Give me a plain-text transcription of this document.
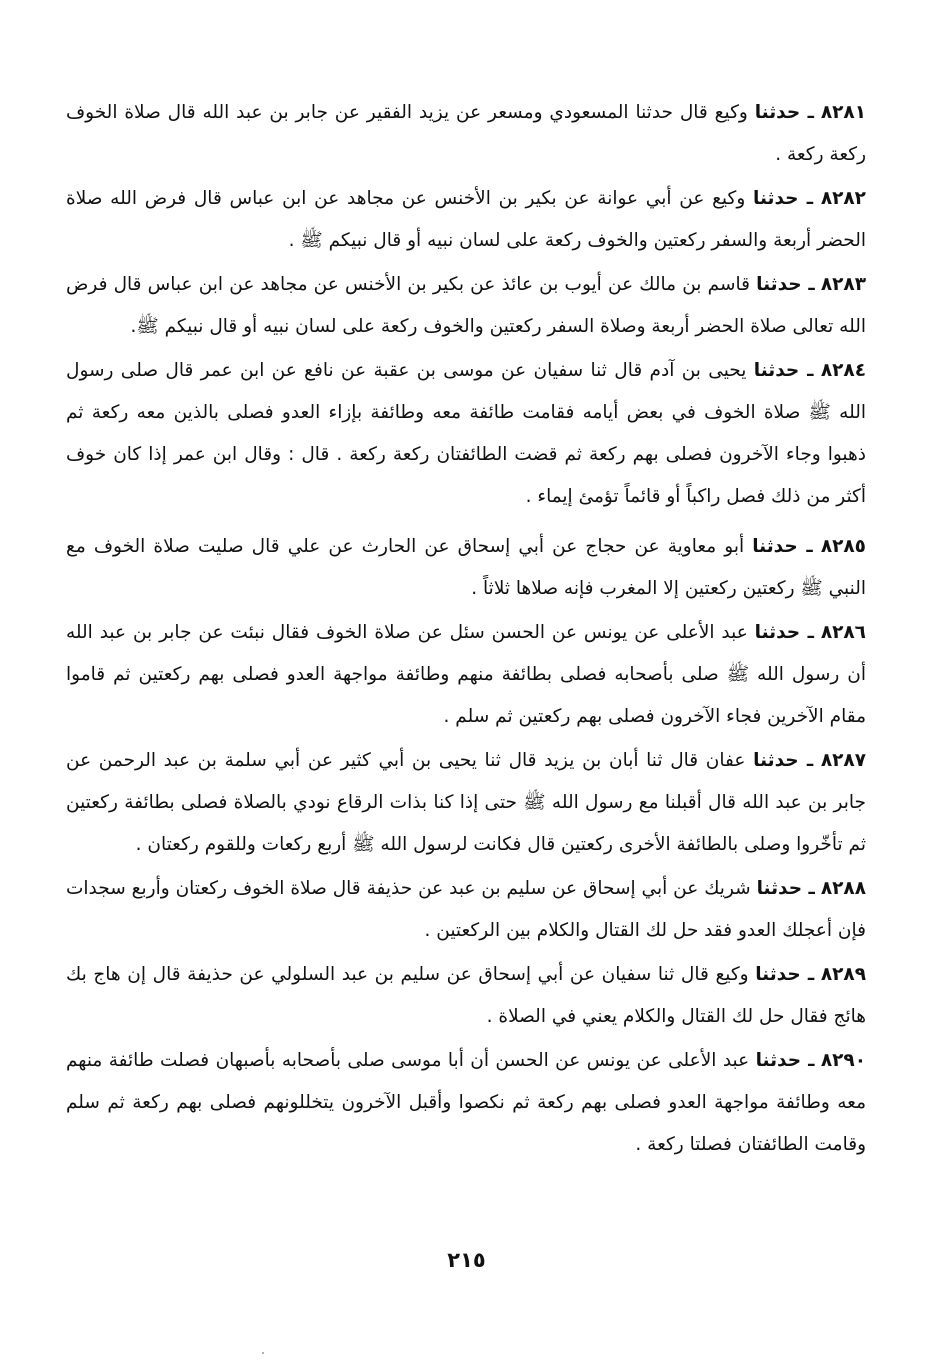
٨٢٨١ ـ حدثنا وكيع قال حدثنا المسعودي ومسعر عن يزيد الفقير عن جابر بن عبد الله قال صلاة الخوف ركعة ركعة .

٨٢٨٢ ـ حدثنا وكيع عن أبي عوانة عن بكير بن الأخنس عن مجاهد عن ابن عباس قال فرض الله صلاة الحضر أربعة والسفر ركعتين والخوف ركعة على لسان نبيه أو قال نبيكم ﷺ .

٨٢٨٣ ـ حدثنا قاسم بن مالك عن أيوب بن عائذ عن بكير بن الأخنس عن مجاهد عن ابن عباس قال فرض الله تعالى صلاة الحضر أربعة وصلاة السفر ركعتين والخوف ركعة على لسان نبيه أو قال نبيكم ﷺ.

٨٢٨٤ ـ حدثنا يحيى بن آدم قال ثنا سفيان عن موسى بن عقبة عن نافع عن ابن عمر قال صلى رسول الله ﷺ صلاة الخوف في بعض أيامه فقامت طائفة معه وطائفة بإزاء العدو فصلى بالذين معه ركعة ثم ذهبوا وجاء الآخرون فصلى بهم ركعة ثم قضت الطائفتان ركعة ركعة . قال : وقال ابن عمر إذا كان خوف أكثر من ذلك فصل راكباً أو قائماً تؤمئ إيماء .

٨٢٨٥ ـ حدثنا أبو معاوية عن حجاج عن أبي إسحاق عن الحارث عن علي قال صليت صلاة الخوف مع النبي ﷺ ركعتين ركعتين إلا المغرب فإنه صلاها ثلاثاً .

٨٢٨٦ ـ حدثنا عبد الأعلى عن يونس عن الحسن سئل عن صلاة الخوف فقال نبئت عن جابر بن عبد الله أن رسول الله ﷺ صلى بأصحابه فصلى بطائفة منهم وطائفة مواجهة العدو فصلى بهم ركعتين ثم قاموا مقام الآخرين فجاء الآخرون فصلى بهم ركعتين ثم سلم .

٨٢٨٧ ـ حدثنا عفان قال ثنا أبان بن يزيد قال ثنا يحيى بن أبي كثير عن أبي سلمة بن عبد الرحمن عن جابر بن عبد الله قال أقبلنا مع رسول الله ﷺ حتى إذا كنا بذات الرقاع نودي بالصلاة فصلى بطائفة ركعتين ثم تأخّروا وصلى بالطائفة الأخرى ركعتين قال فكانت لرسول الله ﷺ أربع ركعات وللقوم ركعتان .

٨٢٨٨ ـ حدثنا شريك عن أبي إسحاق عن سليم بن عبد عن حذيفة قال صلاة الخوف ركعتان وأربع سجدات فإن أعجلك العدو فقد حل لك القتال والكلام بين الركعتين .

٨٢٨٩ ـ حدثنا وكيع قال ثنا سفيان عن أبي إسحاق عن سليم بن عبد السلولي عن حذيفة قال إن هاج بك هائج فقال حل لك القتال والكلام يعني في الصلاة .

٨٢٩٠ ـ حدثنا عبد الأعلى عن يونس عن الحسن أن أبا موسى صلى بأصحابه بأصبهان فصلت طائفة منهم معه وطائفة مواجهة العدو فصلى بهم ركعة ثم نكصوا وأقبل الآخرون يتخللونهم فصلى بهم ركعة ثم سلم وقامت الطائفتان فصلتا ركعة .

٢١٥
